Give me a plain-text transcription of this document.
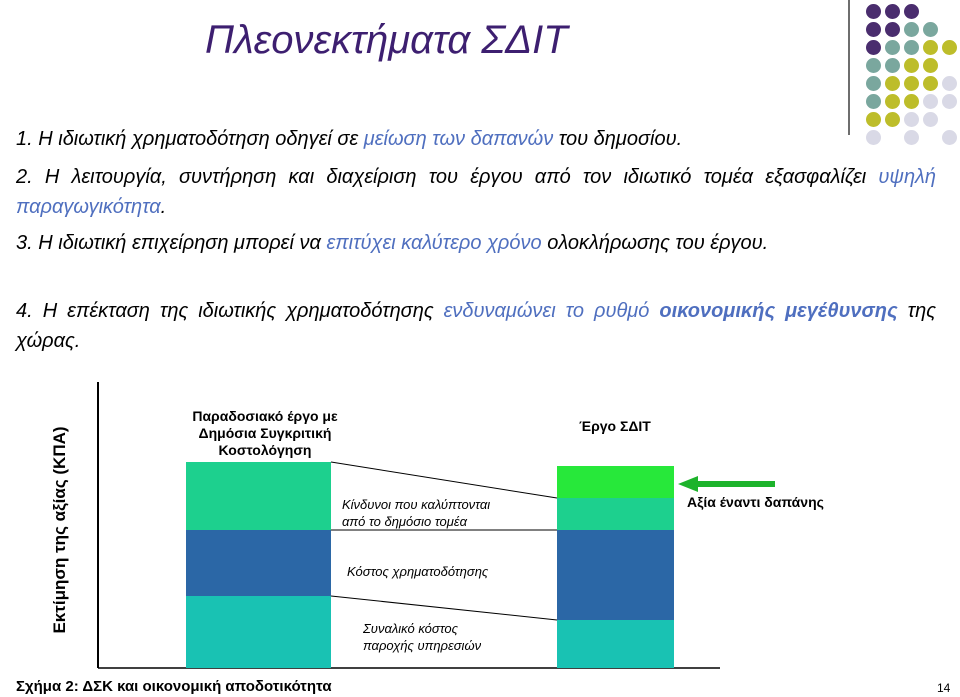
Πλεονεκτήματα ΣΔΙΤ
1. Η ιδιωτική χρηματοδότηση οδηγεί σε μείωση των δαπανών του δημοσίου.
2. Η λειτουργία, συντήρηση και διαχείριση του έργου από τον ιδιωτικό τομέα εξασφαλίζει υψηλή παραγωγικότητα.
3. Η ιδιωτική επιχείρηση μπορεί να επιτύχει καλύτερο χρόνο ολοκλήρωσης του έργου.
4. Η επέκταση της ιδιωτικής χρηματοδότησης ενδυναμώνει το ρυθμό οικονομικής μεγέθυνσης της χώρας.
Εκτίμηση της αξίας (ΚΠΑ)
Παραδοσιακό έργο με
Δημόσια Συγκριτική
Κοστολόγηση
Έργο ΣΔΙΤ
Κίνδυνοι που καλύπτονται
από το δημόσιο τομέα
Κόστος χρηματοδότησης
Συναλικό κόστος
παροχής υπηρεσιών
Αξία έναντι δαπάνης
Σχήμα 2: ΔΣΚ και οικονομική αποδοτικότητα	14
